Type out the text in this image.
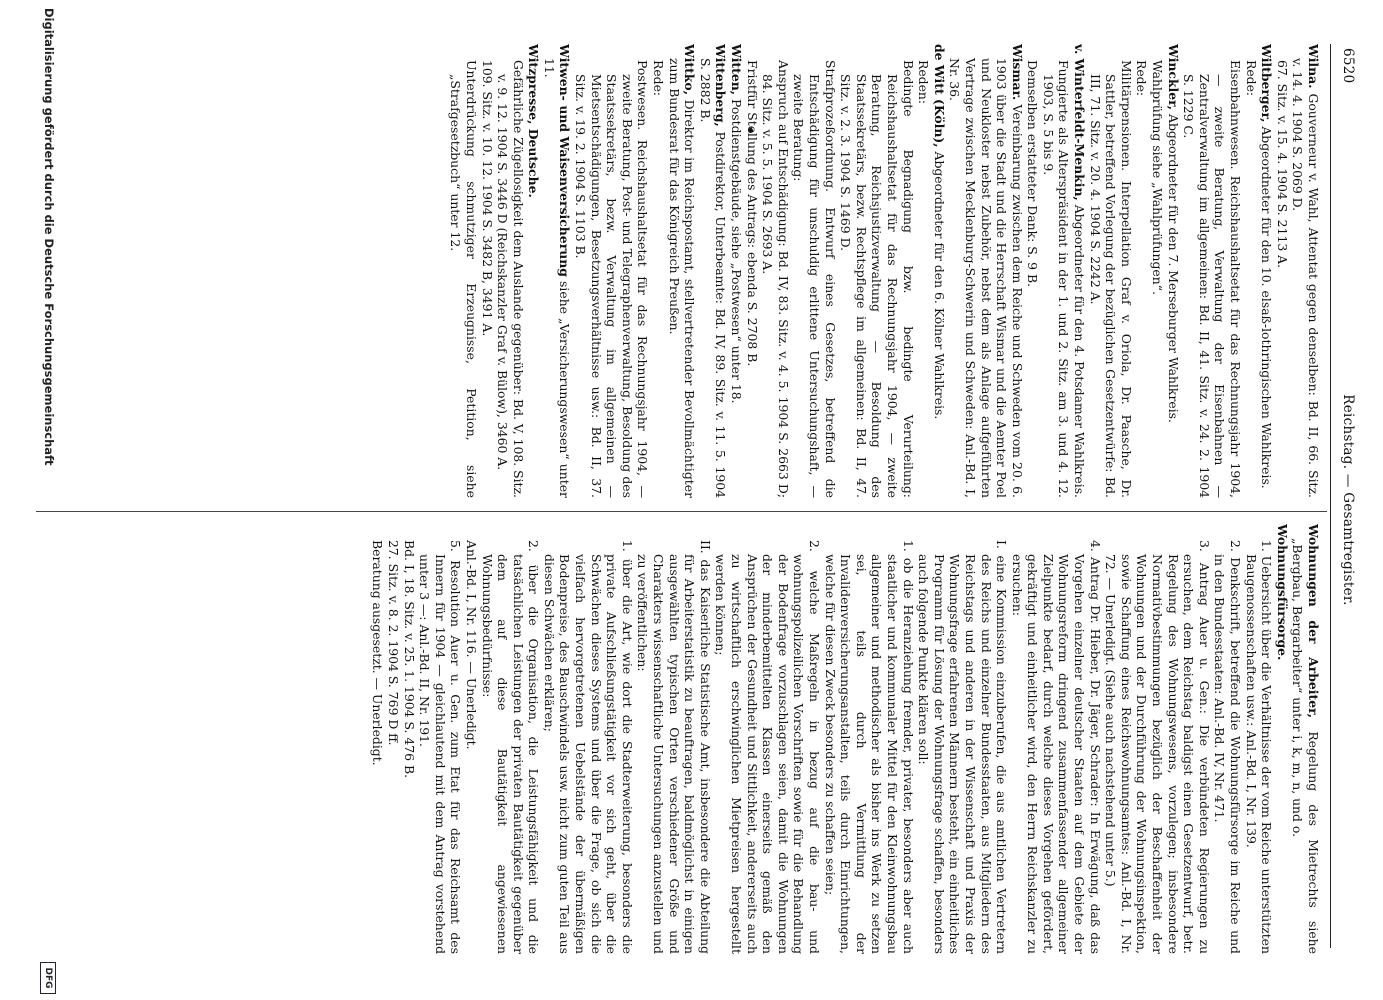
6520
Reichstag. — Gesamtregister.

Wilna. Gouverneur v. Wahl, Attentat gegen denselben: Bd. II, 66. Sitz. v. 14. 4. 1904 S. 2069 D.

67. Sitz. v. 15. 4. 1904 S. 2113 A.

Wiltberger, Abgeordneter für den 10. elsaß-lothringischen Wahlkreis.

Rede:

Eisenbahnwesen. Reichshaushaltsetat für das Rechnungsjahr 1904, — zweite Beratung, Verwaltung der Eisenbahnen — Zentralverwaltung im allgemeinen: Bd. II, 41. Sitz. v. 24. 2. 1904 S. 1229 C.

Winckler, Abgeordneter für den 7. Merseburger Wahlkreis.

Wahlprüfung siehe „Wahlprüfungen“.

Rede:

Militärpensionen. Interpellation Graf v. Oriola, Dr. Paasche, Dr. Sattler, betreffend Vorlegung der bezüglichen Gesetzentwürfe: Bd. III, 71. Sitz. v. 20. 4. 1904 S. 2242 A.

v. Winterfeldt-Menkin, Abgeordneter für den 4. Potsdamer Wahlkreis.

Fungierte als Alterspräsident in der 1. und 2. Sitz. am 3. und 4. 12. 1903, S. 5 bis 9.

Demselben erstatteter Dank: S. 9 B.

Wismar. Vereinbarung zwischen dem Reiche und Schweden vom 20. 6. 1903 über die Stadt und die Herrschaft Wismar und die Aemter Poel und Neukloster nebst Zubehör, nebst dem als Anlage aufgeführten Vertrage zwischen Mecklenburg-Schwerin und Schweden: Anl.-Bd. I, Nr. 36.

de Witt (Köln), Abgeordneter für den 6. Kölner Wahlkreis.

Reden:

Bedingte Begnadigung bzw. bedingte Verurteilung: Reichshaushaltsetat für das Rechnungsjahr 1904, — zweite Beratung, Reichsjustizverwaltung — Besoldung des Staatssekretärs, bezw. Rechtspflege im allgemeinen: Bd. II, 47. Sitz. v. 2. 3. 1904 S. 1469 D.

Strafprozeßordnung. Entwurf eines Gesetzes, betreffend die Entschädigung für unschuldig erlittene Untersuchungshaft, — zweite Beratung:

Anspruch auf Entschädigung: Bd. IV, 83. Sitz. v. 4. 5. 1904 S. 2663 D; 84. Sitz. v. 5. 5. 1904 S. 2693 A.

Fristfür Stellung des Antrags: ebenda S. 2708 B.

Witten, Postdienstgebäude, siehe „Postwesen“ unter 18.

Wittenberg, Postdirektor, Unterbeamte: Bd. IV, 89. Sitz. v. 11. 5. 1904 S. 2882 B.

Wittko, Direktor im Reichspostamt, stellvertretender Bevollmächtigter zum Bundesrat für das Königreich Preußen.

Rede:

Postwesen. Reichshaushaltsetat für das Rechnungsjahr 1904, — zweite Beratung, Post- und Telegraphenverwaltung, Besoldung des Staatssekretärs, bezw. Verwaltung im allgemeinen — Mietsentschädigungen, Besetzungsverhältnisse usw.: Bd. II, 37. Sitz. v. 19. 2. 1904 S. 1103 B.

Witwen- und Waisenversicherung siehe „Versicherungswesen“ unter 11.

Witzpresse, Deutsche.

Gefährliche Zügellosigkeit dem Auslande gegenüber: Bd. V, 108. Sitz. v. 9. 12. 1904 S. 3446 D (Reichskanzler Graf v. Bülow), 3460 A.

109. Sitz. v. 10. 12. 1904 S. 3482 B, 3491 A.

Unterdrückung schmutziger Erzeugnisse, Petition, siehe „Strafgesetzbuch“ unter 12.

Wohnungen der Arbeiter, Regelung des Mietrechts siehe „Bergbau, Bergarbeiter“ unter i, k, m, n, und o.

Wohnungsfürsorge.

1. Uebersicht über die Verhältnisse der vom Reiche unterstützten Baugenossenschaften usw.: Anl.-Bd. I, Nr. 139.

2. Denkschrift, betreffend die Wohnungsfürsorge im Reiche und in den Bundesstaaten: Anl.-Bd. IV, Nr. 471.

3. Antrag Auer u. Gen.: Die verbündeten Regierungen zu ersuchen, dem Reichstag baldigst einen Gesetzentwurf, betr. Regelung des Wohnungswesens, vorzulegen; insbesondere Normativbestimmungen bezüglich der Beschaffenheit der Wohnungen und der Durchführung der Wohnungsinspektion, sowie Schaffung eines Reichswohnungsamtes: Anl.-Bd. I, Nr. 72. — Unerledigt. (Siehe auch nachstehend unter 5.)

4. Antrag Dr. Hieber, Dr. Jäger, Schrader: In Erwägung, daß das Vorgehen einzelner deutscher Staaten auf dem Gebiete der Wohnungsreform dringend zusammenfassender allgemeiner Zielpunkte bedarf, durch welche dieses Vorgehen gefördert, gekräftigt und einheitlicher wird, den Herrn Reichskanzler zu ersuchen:

I. eine Kommission einzuberufen, die aus amtlichen Vertretern des Reichs und einzelner Bundesstaaten, aus Mitgliedern des Reichstags und anderen in der Wissenschaft und Praxis der Wohnungsfrage erfahrenen Männern besteht, ein einheitliches Programm für Lösung der Wohnungsfrage schaffen, besonders auch folgende Punkte klären soll:

1. ob die Heranziehung fremder, privater, besonders aber auch staatlicher und kommunaler Mittel für den Kleinwohnungsbau allgemeiner und methodischer als bisher ins Werk zu setzen sei, teils durch Vermittlung der Invalidenversicherungsanstalten, teils durch Einrichtungen, welche für diesen Zweck besonders zu schaffen seien;

2. welche Maßregeln in bezug auf die bau- und wohnungspolizeilichen Vorschriften sowie für die Behandlung der Bodenfrage vorzuschlagen seien, damit die Wohnungen der minderbemittelten Klassen einerseits gemäß den Ansprüchen der Gesundheit und Sittlichkeit, andererseits auch zu wirtschaftlich erschwinglichen Mietpreisen hergestellt werden können;

II. das Kaiserliche Statistische Amt, insbesondere die Abteilung für Arbeiterstatistik zu beauftragen, baldmöglichst in einigen ausgewählten typischen Orten verschiedener Größe und Charakters wissenschaftliche Untersuchungen anzustellen und zu veröffentlichen:

1. über die Art, wie dort die Stadterweiterung, besonders die private Aufschließungstätigkeit vor sich geht, über die Schwächen dieses Systems und über die Frage, ob sich die vielfach hervorgetretenen Uebelstände der übermäßigen Bodenpreise, des Bauschwindels usw. nicht zum guten Teil aus diesen Schwächen erklären;

2. über die Organisation, die Leistungsfähigkeit und die tatsächlichen Leistungen der privaten Bautätigkeit gegenüber dem auf diese Bautätigkeit angewiesenen Wohnungsbedürfnisse:

Anl.-Bd. I, Nr. 116. — Unerledigt.

5. Resolution Auer u. Gen. zum Etat für das Reichsamt des Innern für 1904 — gleichlautend mit dem Antrag vorstehend unter 3 —: Anl.-Bd. II, Nr. 191.

Bd. I, 18. Sitz. v. 25. 1. 1904 S. 476 B.

27. Sitz. v. 8. 2. 1904 S. 769 D ff.

Beratung ausgesetzt. — Unerledigt.

Digitalisierung gefördert durch die Deutsche Forschungsgemeinschaft
DFG
